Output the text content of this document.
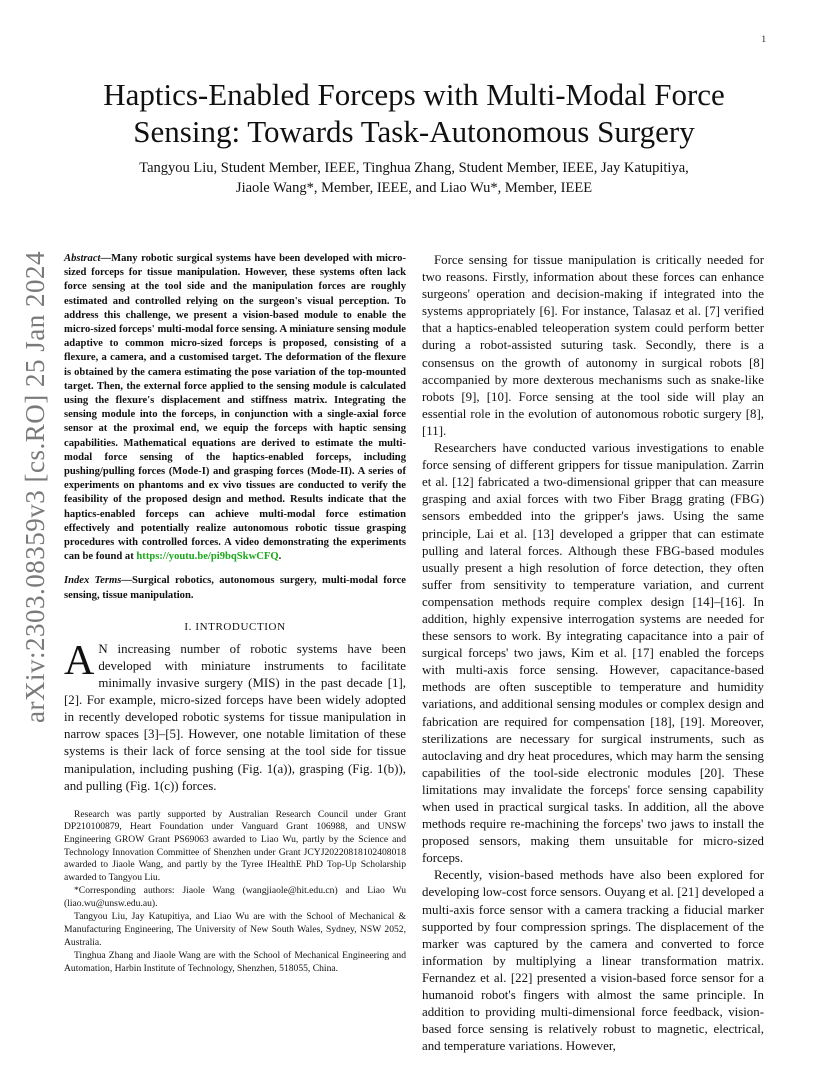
1
arXiv:2303.08359v3 [cs.RO] 25 Jan 2024
Haptics-Enabled Forceps with Multi-Modal Force Sensing: Towards Task-Autonomous Surgery
Tangyou Liu, Student Member, IEEE, Tinghua Zhang, Student Member, IEEE, Jay Katupitiya,
Jiaole Wang*, Member, IEEE, and Liao Wu*, Member, IEEE

Abstract—Many robotic surgical systems have been developed with micro-sized forceps for tissue manipulation. However, these systems often lack force sensing at the tool side and the manipulation forces are roughly estimated and controlled relying on the surgeon's visual perception. To address this challenge, we present a vision-based module to enable the micro-sized forceps' multi-modal force sensing. A miniature sensing module adaptive to common micro-sized forceps is proposed, consisting of a flexure, a camera, and a customised target. The deformation of the flexure is obtained by the camera estimating the pose variation of the top-mounted target. Then, the external force applied to the sensing module is calculated using the flexure's displacement and stiffness matrix. Integrating the sensing module into the forceps, in conjunction with a single-axial force sensor at the proximal end, we equip the forceps with haptic sensing capabilities. Mathematical equations are derived to estimate the multi-modal force sensing of the haptics-enabled forceps, including pushing/pulling forces (Mode-I) and grasping forces (Mode-II). A series of experiments on phantoms and ex vivo tissues are conducted to verify the feasibility of the proposed design and method. Results indicate that the haptics-enabled forceps can achieve multi-modal force estimation effectively and potentially realize autonomous robotic tissue grasping procedures with controlled forces. A video demonstrating the experiments can be found at https://youtu.be/pi9bqSkwCFQ.

Index Terms—Surgical robotics, autonomous surgery, multi-modal force sensing, tissue manipulation.

I. INTRODUCTION

A N increasing number of robotic systems have been developed with miniature instruments to facilitate minimally invasive surgery (MIS) in the past decade [1], [2]. For example, micro-sized forceps have been widely adopted in recently developed robotic systems for tissue manipulation in narrow spaces [3]–[5]. However, one notable limitation of these systems is their lack of force sensing at the tool side for tissue manipulation, including pushing (Fig. 1(a)), grasping (Fig. 1(b)), and pulling (Fig. 1(c)) forces.

Research was partly supported by Australian Research Council under Grant DP210100879, Heart Foundation under Vanguard Grant 106988, and UNSW Engineering GROW Grant PS69063 awarded to Liao Wu, partly by the Science and Technology Innovation Committee of Shenzhen under Grant JCYJ20220818102408018 awarded to Jiaole Wang, and partly by the Tyree IHealthE PhD Top-Up Scholarship awarded to Tangyou Liu.

*Corresponding authors: Jiaole Wang (wangjiaole@hit.edu.cn) and Liao Wu (liao.wu@unsw.edu.au).

Tangyou Liu, Jay Katupitiya, and Liao Wu are with the School of Mechanical & Manufacturing Engineering, The University of New South Wales, Sydney, NSW 2052, Australia.

Tinghua Zhang and Jiaole Wang are with the School of Mechanical Engineering and Automation, Harbin Institute of Technology, Shenzhen, 518055, China.

Force sensing for tissue manipulation is critically needed for two reasons. Firstly, information about these forces can enhance surgeons' operation and decision-making if integrated into the systems appropriately [6]. For instance, Talasaz et al. [7] verified that a haptics-enabled teleoperation system could perform better during a robot-assisted suturing task. Secondly, there is a consensus on the growth of autonomy in surgical robots [8] accompanied by more dexterous mechanisms such as snake-like robots [9], [10]. Force sensing at the tool side will play an essential role in the evolution of autonomous robotic surgery [8], [11].

Researchers have conducted various investigations to enable force sensing of different grippers for tissue manipulation. Zarrin et al. [12] fabricated a two-dimensional gripper that can measure grasping and axial forces with two Fiber Bragg grating (FBG) sensors embedded into the gripper's jaws. Using the same principle, Lai et al. [13] developed a gripper that can estimate pulling and lateral forces. Although these FBG-based modules usually present a high resolution of force detection, they often suffer from sensitivity to temperature variation, and current compensation methods require complex design [14]–[16]. In addition, highly expensive interrogation systems are needed for these sensors to work. By integrating capacitance into a pair of surgical forceps' two jaws, Kim et al. [17] enabled the forceps with multi-axis force sensing. However, capacitance-based methods are often susceptible to temperature and humidity variations, and additional sensing modules or complex design and fabrication are required for compensation [18], [19]. Moreover, sterilizations are necessary for surgical instruments, such as autoclaving and dry heat procedures, which may harm the sensing capabilities of the tool-side electronic modules [20]. These limitations may invalidate the forceps' force sensing capability when used in practical surgical tasks. In addition, all the above methods require re-machining the forceps' two jaws to install the proposed sensors, making them unsuitable for micro-sized forceps.

Recently, vision-based methods have also been explored for developing low-cost force sensors. Ouyang et al. [21] developed a multi-axis force sensor with a camera tracking a fiducial marker supported by four compression springs. The displacement of the marker was captured by the camera and converted to force information by multiplying a linear transformation matrix. Fernandez et al. [22] presented a vision-based force sensor for a humanoid robot's fingers with almost the same principle. In addition to providing multi-dimensional force feedback, vision-based force sensing is relatively robust to magnetic, electrical, and temperature variations. However,
